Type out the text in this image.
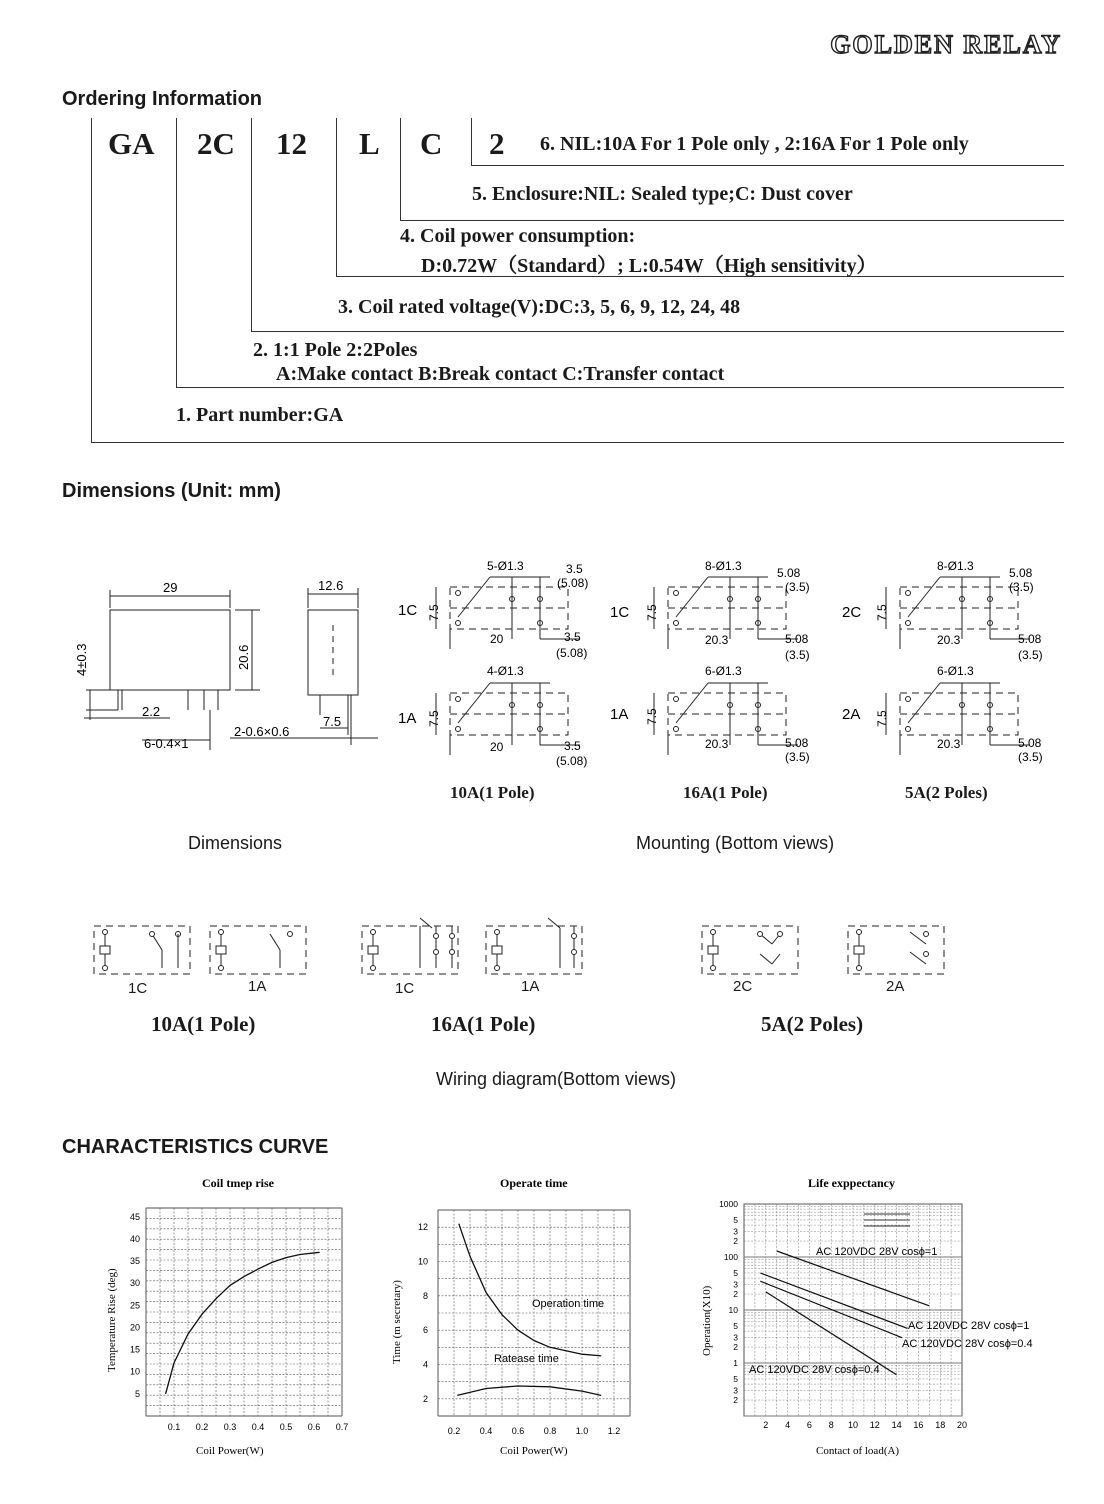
GOLDEN RELAY
Ordering Information
GA 2C 12 L C 2 6. NIL:10A For 1 Pole only , 2:16A For 1 Pole only
5. Enclosure:NIL: Sealed type;C: Dust cover
4. Coil power consumption:
D:0.72W（Standard）; L:0.54W（High sensitivity）
3. Coil rated voltage(V):DC:3, 5, 6, 9, 12, 24, 48
2. 1:1 Pole 2:2Poles
A:Make contact B:Break contact C:Transfer contact
1. Part number:GA
Dimensions (Unit: mm)
29	12.6
20.6
4±0.3
2.2
7.5
6-0.4×1
2-0.6×0.6
1C
5-Ø1.3	3.5
(5.08)
20	3.5
(5.08)
7.5
1A
4-Ø1.3
20	3.5
(5.08)
7.5
1C
8-Ø1.3	5.08
(3.5)
20.3	5.08
(3.5)
7.5
1A
6-Ø1.3
20.3	5.08
(3.5)
7.5
2C
8-Ø1.3	5.08
(3.5)
20.3	5.08
(3.5)
7.5
2A
6-Ø1.3
20.3	5.08
(3.5)
7.5
10A(1 Pole)	16A(1 Pole)	5A(2 Poles)
Dimensions	Mounting (Bottom views)
1C	1A	1C	1A	2C	2A
10A(1 Pole)	16A(1 Pole)	5A(2 Poles)
Wiring diagram(Bottom views)
CHARACTERISTICS CURVE
Coil tmep rise
5
10
15
20
25
30
35
40
45
0.1 0.2 0.3 0.4 0.5 0.6 0.7
Coil Power(W)
Temperature Rise (deg)
Operate time
2
4
6
8
10
12
0.2 0.4 0.6 0.8 1.0 1.2
Operation time
Ratease time
Coil Power(W)
Time (m secretary)
Life exppectancy
1000
5
3
2
100
5
3
2
10
5
3
2
1
5
3
2
2 4 6 8 10 12 14 16 18 20
AC 120VDC 28V cosϕ=1
AC 120VDC 28V cosϕ=1
AC 120VDC 28V cosϕ=0.4
AC 120VDC 28V cosϕ=0.4
Contact of load(A)
Operation(X10)
